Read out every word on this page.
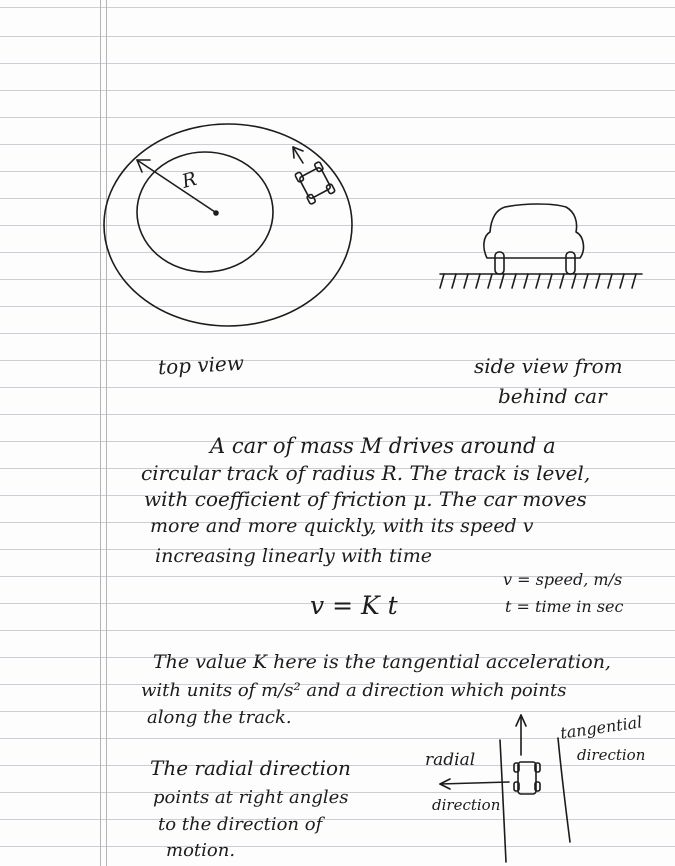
R

top view	side view from

behind car

A car of mass M drives around a

circular track of radius R. The track is level,

with coefficient of friction μ. The car moves

more and more quickly, with its speed v

increasing linearly with time

v = K t

v = speed, m/s

t = time in sec

The value K here is the tangential acceleration,

with units of m/s² and a direction which points

along the track.

The radial direction

points at right angles

to the direction of

motion.

radial

direction

tangential

direction
